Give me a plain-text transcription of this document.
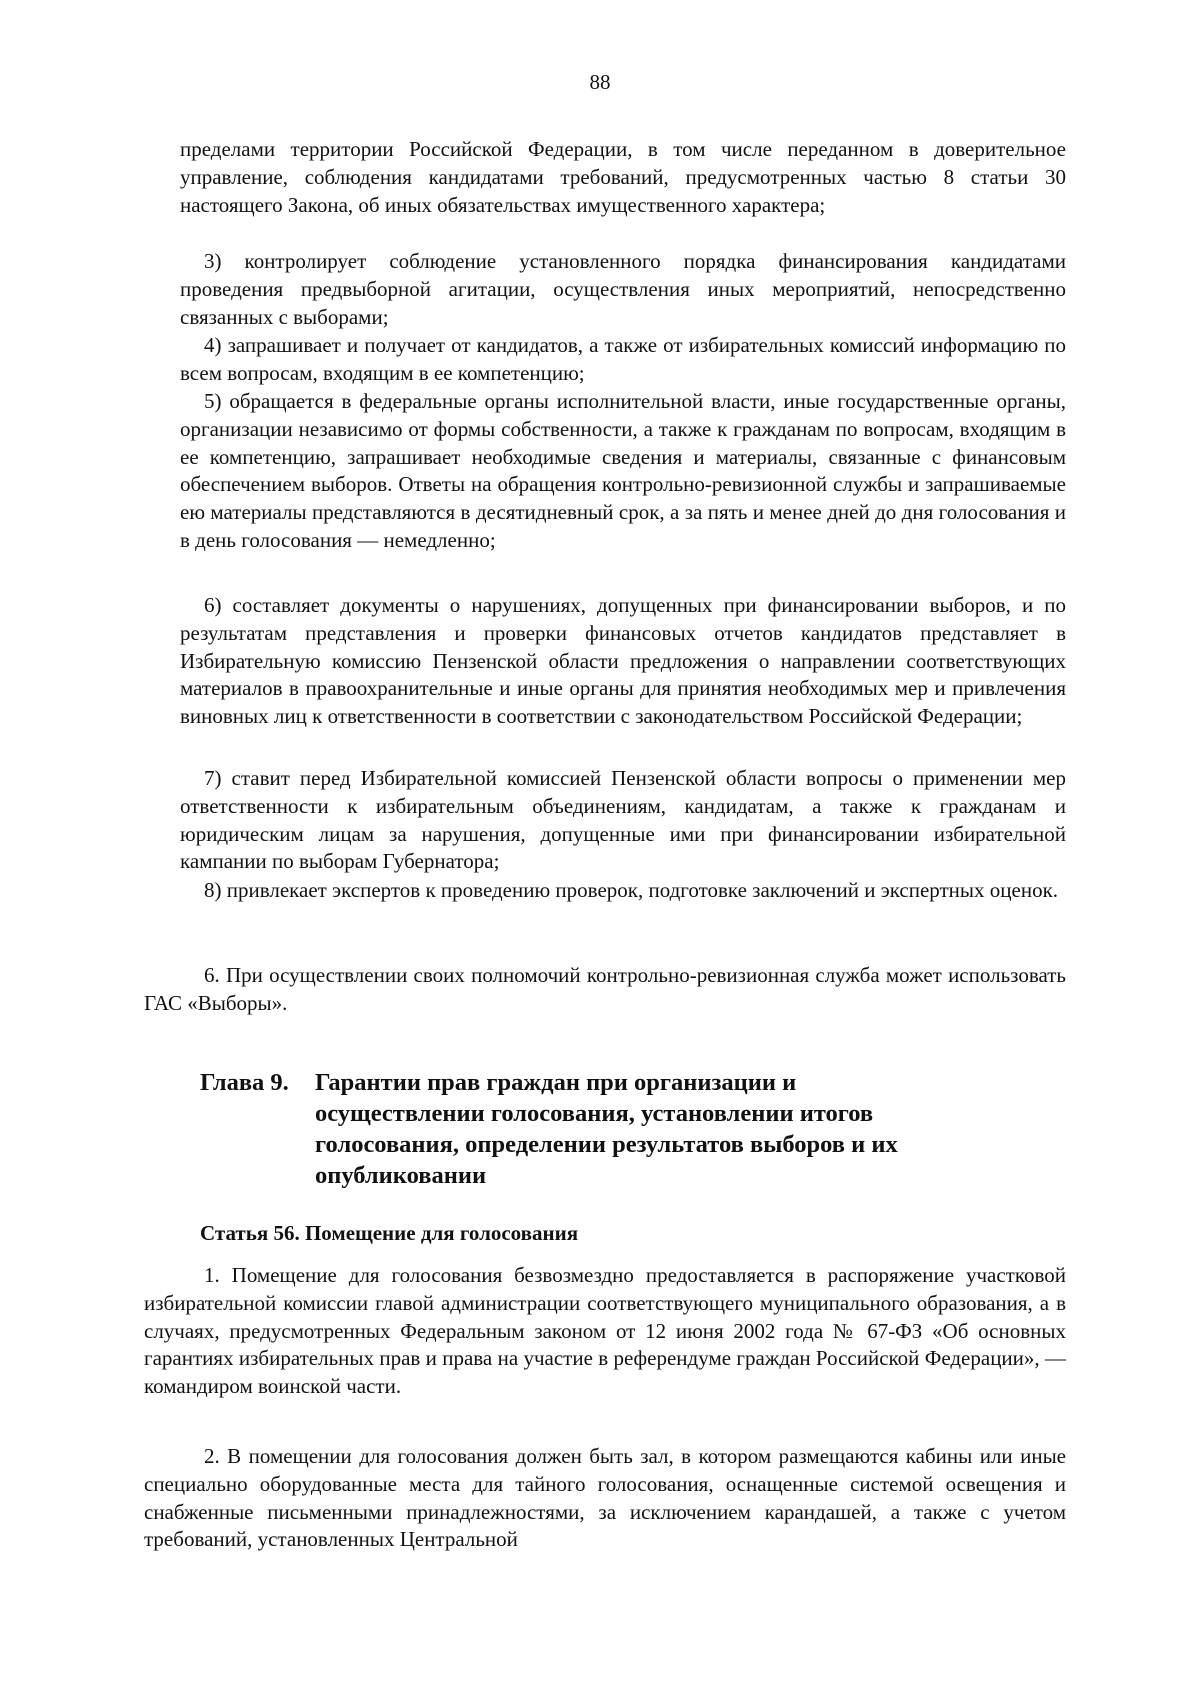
88

пределами территории Российской Федерации, в том числе переданном в доверительное управление, соблюдения кандидатами требований, предусмотренных частью 8 статьи 30 настоящего Закона, об иных обязательствах имущественного характера;

3) контролирует соблюдение установленного порядка финансирования кандидатами проведения предвыборной агитации, осуществления иных мероприятий, непосредственно связанных с выборами;

4) запрашивает и получает от кандидатов, а также от избирательных комиссий информацию по всем вопросам, входящим в ее компетенцию;

5) обращается в федеральные органы исполнительной власти, иные государственные органы, организации независимо от формы собственности, а также к гражданам по вопросам, входящим в ее компетенцию, запрашивает необходимые сведения и материалы, связанные с финансовым обеспечением выборов. Ответы на обращения контрольно-ревизионной службы и запрашиваемые ею материалы представляются в десятидневный срок, а за пять и менее дней до дня голосования и в день голосования — немедленно;

6) составляет документы о нарушениях, допущенных при финансировании выборов, и по результатам представления и проверки финансовых отчетов кандидатов представляет в Избирательную комиссию Пензенской области предложения о направлении соответствующих материалов в правоохранительные и иные органы для принятия необходимых мер и привлечения виновных лиц к ответственности в соответствии с законодательством Российской Федерации;

7) ставит перед Избирательной комиссией Пензенской области вопросы о применении мер ответственности к избирательным объединениям, кандидатам, а также к гражданам и юридическим лицам за нарушения, допущенные ими при финансировании избирательной кампании по выборам Губернатора;

8) привлекает экспертов к проведению проверок, подготовке заключений и экспертных оценок.

6. При осуществлении своих полномочий контрольно-ревизионная служба может использовать ГАС «Выборы».

Глава 9. Гарантии прав граждан при организации и
осуществлении голосования, установлении итогов
голосования, определении результатов выборов и их
опубликовании
Статья 56. Помещение для голосования

1. Помещение для голосования безвозмездно предоставляется в распоряжение участковой избирательной комиссии главой администрации соответствующего муниципального образования, а в случаях, предусмотренных Федеральным законом от 12 июня 2002 года № 67-ФЗ «Об основных гарантиях избирательных прав и права на участие в референдуме граждан Российской Федерации», — командиром воинской части.

2. В помещении для голосования должен быть зал, в котором размещаются кабины или иные специально оборудованные места для тайного голосования, оснащенные системой освещения и снабженные письменными принадлежностями, за исключением карандашей, а также с учетом требований, установленных Центральной
